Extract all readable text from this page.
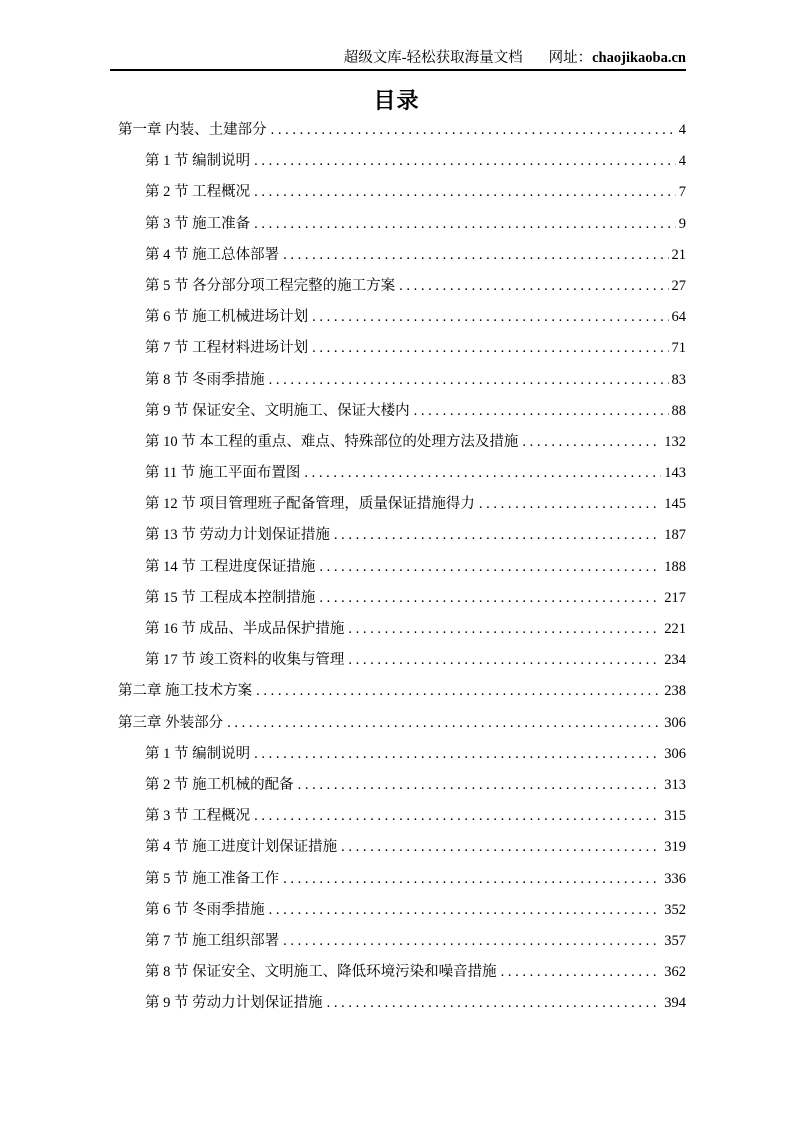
超级文库-轻松获取海量文档 网址：chaojikaoba.cn
目录
第一章 内装、土建部分 . . .	4
第 1 节 编制说明 . . .	4
第 2 节 工程概况 . . .	7
第 3 节 施工准备 . . .	9
第 4 节 施工总体部署 . . .	21
第 5 节 各分部分项工程完整的施工方案 . . .	27
第 6 节 施工机械进场计划 . . .	64
第 7 节 工程材料进场计划 . . .	71
第 8 节 冬雨季措施 . . .	83
第 9 节 保证安全、文明施工、保证大楼内 . . .	88
第 10 节 本工程的重点、难点、特殊部位的处理方法及措施 . . .	132
第 11 节 施工平面布置图 . . .	143
第 12 节 项目管理班子配备管理，质量保证措施得力 . . .	145
第 13 节 劳动力计划保证措施 . . .	187
第 14 节 工程进度保证措施 . . .	188
第 15 节 工程成本控制措施 . . .	217
第 16 节 成品、半成品保护措施 . . .	221
第 17 节 竣工资料的收集与管理 . . .	234
第二章 施工技术方案 . . .	238
第三章 外装部分 . . .	306
第 1 节 编制说明 . . .	306
第 2 节 施工机械的配备 . . .	313
第 3 节 工程概况 . . .	315
第 4 节 施工进度计划保证措施 . . .	319
第 5 节 施工准备工作 . . .	336
第 6 节 冬雨季措施 . . .	352
第 7 节 施工组织部署 . . .	357
第 8 节 保证安全、文明施工、降低环境污染和噪音措施 . . .	362
第 9 节 劳动力计划保证措施 . . .	394
